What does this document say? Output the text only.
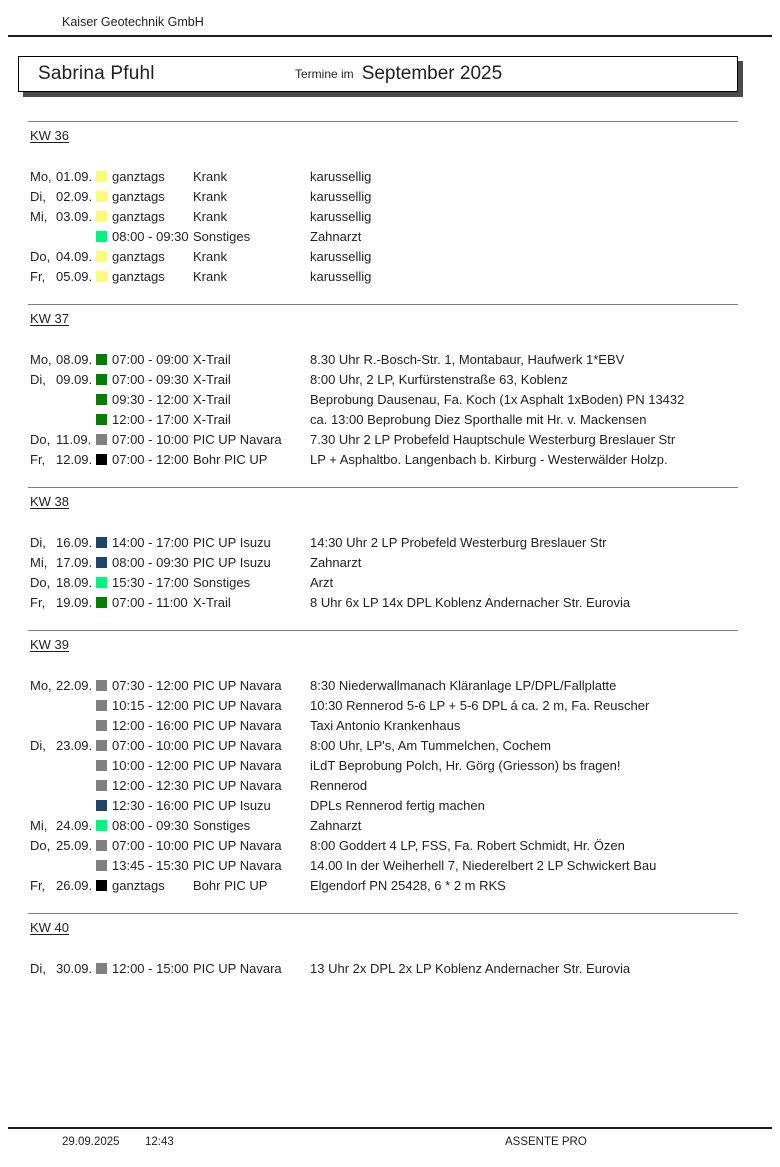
Kaiser Geotechnik GmbH
Sabrina Pfuhl	Termine im September 2025
KW 36
Mo, 01.09. ganztags	Krank	karussellig
Di, 02.09. ganztags	Krank	karussellig
Mi, 03.09. ganztags	Krank	karussellig
08:00 - 09:30 Sonstiges	Zahnarzt
Do, 04.09. ganztags	Krank	karussellig
Fr, 05.09. ganztags	Krank	karussellig
KW 37
Mo, 08.09. 07:00 - 09:00 X-Trail	8.30 Uhr R.-Bosch-Str. 1, Montabaur, Haufwerk 1*EBV
Di, 09.09. 07:00 - 09:30 X-Trail	8:00 Uhr, 2 LP, Kurfürstenstraße 63, Koblenz
09:30 - 12:00 X-Trail	Beprobung Dausenau, Fa. Koch (1x Asphalt 1xBoden) PN 13432
12:00 - 17:00 X-Trail	ca. 13:00 Beprobung Diez Sporthalle mit Hr. v. Mackensen
Do, 11.09.	07:00 - 10:00 PIC UP Navara	7.30 Uhr 2 LP Probefeld Hauptschule Westerburg Breslauer Str
Fr, 12.09. 07:00 - 12:00 Bohr PIC UP	LP + Asphaltbo. Langenbach b. Kirburg - Westerwälder Holzp.
KW 38
Di, 16.09. 14:00 - 17:00 PIC UP Isuzu	14:30 Uhr 2 LP Probefeld Westerburg Breslauer Str
Mi, 17.09. 08:00 - 09:30 PIC UP Isuzu	Zahnarzt
Do, 18.09. 15:30 - 17:00 Sonstiges	Arzt
Fr, 19.09. 07:00 - 11:00 X-Trail	8 Uhr 6x LP 14x DPL Koblenz Andernacher Str. Eurovia
KW 39
Mo, 22.09. 07:30 - 12:00 PIC UP Navara	8:30 Niederwallmanach Kläranlage LP/DPL/Fallplatte
10:15 - 12:00 PIC UP Navara	10:30 Rennerod 5-6 LP + 5-6 DPL á ca. 2 m, Fa. Reuscher
12:00 - 16:00 PIC UP Navara	Taxi Antonio Krankenhaus
Di, 23.09. 07:00 - 10:00 PIC UP Navara	8:00 Uhr, LP's, Am Tummelchen, Cochem
10:00 - 12:00 PIC UP Navara	iLdT Beprobung Polch, Hr. Görg (Griesson) bs fragen!
12:00 - 12:30 PIC UP Navara	Rennerod
12:30 - 16:00 PIC UP Isuzu	DPLs Rennerod fertig machen
Mi, 24.09. 08:00 - 09:30 Sonstiges	Zahnarzt
Do, 25.09. 07:00 - 10:00 PIC UP Navara	8:00 Goddert 4 LP, FSS, Fa. Robert Schmidt, Hr. Özen
13:45 - 15:30 PIC UP Navara	14.00 In der Weiherhell 7, Niederelbert 2 LP Schwickert Bau
Fr, 26.09. ganztags	Bohr PIC UP	Elgendorf PN 25428, 6 * 2 m RKS
KW 40
Di, 30.09. 12:00 - 15:00 PIC UP Navara	13 Uhr 2x DPL 2x LP Koblenz Andernacher Str. Eurovia
29.09.2025 12:43	ASSENTE PRO
